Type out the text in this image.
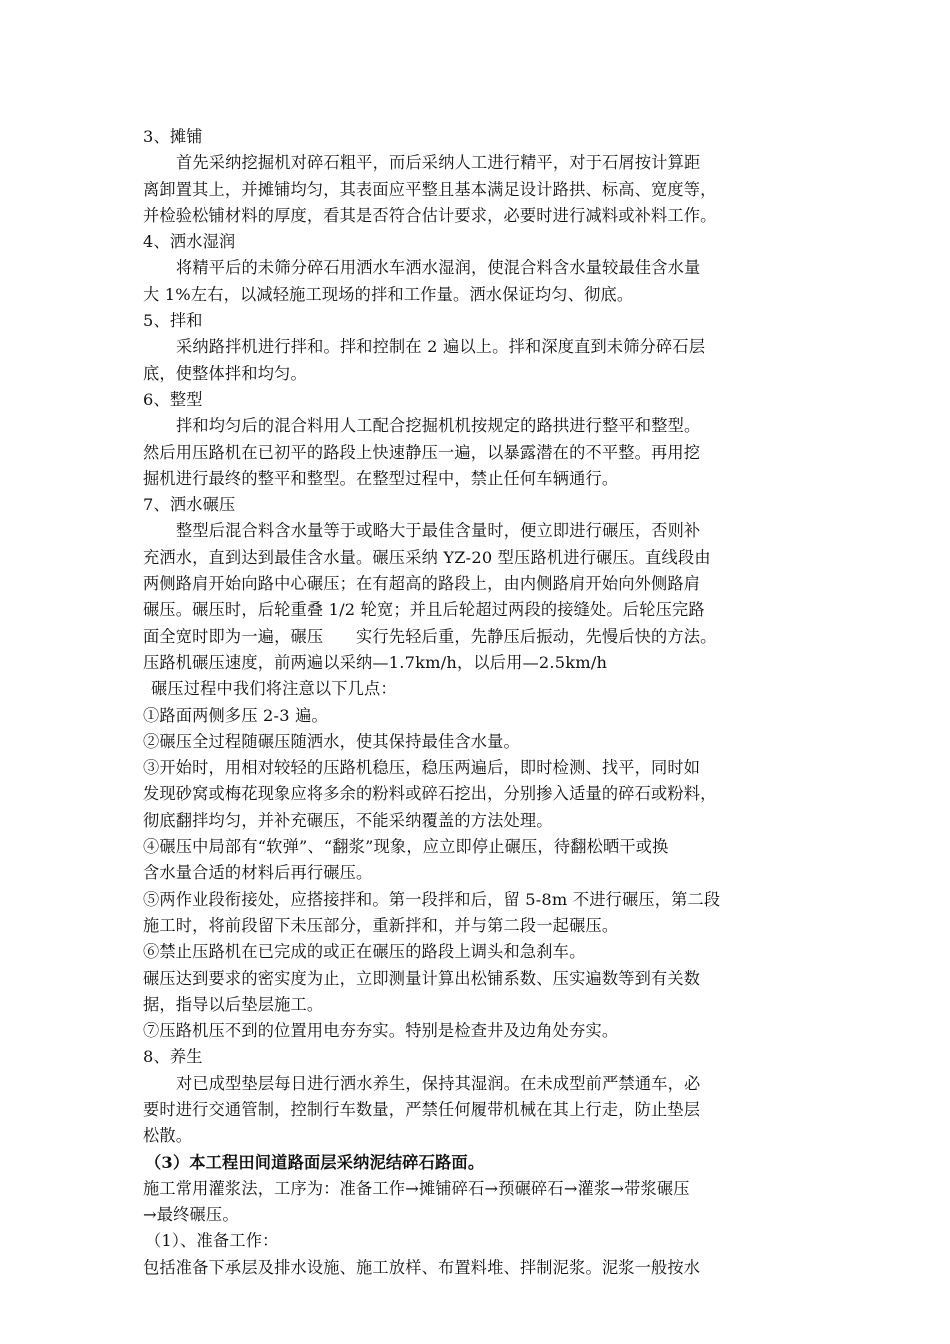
3、摊铺
首先采纳挖掘机对碎石粗平，而后采纳人工进行精平，对于石屑按计算距
离卸置其上，并摊铺均匀，其表面应平整且基本满足设计路拱、标高、宽度等，
并检验松铺材料的厚度，看其是否符合估计要求，必要时进行减料或补料工作。
4、洒水湿润
将精平后的未筛分碎石用洒水车洒水湿润，使混合料含水量较最佳含水量
大 1%左右，以减轻施工现场的拌和工作量。洒水保证均匀、彻底。
5、拌和
采纳路拌机进行拌和。拌和控制在 2 遍以上。拌和深度直到未筛分碎石层
底，使整体拌和均匀。
6、整型
拌和均匀后的混合料用人工配合挖掘机机按规定的路拱进行整平和整型。
然后用压路机在已初平的路段上快速静压一遍，以暴露潜在的不平整。再用挖
掘机进行最终的整平和整型。在整型过程中，禁止任何车辆通行。
7、洒水碾压
整型后混合料含水量等于或略大于最佳含量时，便立即进行碾压，否则补
充洒水，直到达到最佳含水量。碾压采纳 YZ-20 型压路机进行碾压。直线段由
两侧路肩开始向路中心碾压；在有超高的路段上，由内侧路肩开始向外侧路肩
碾压。碾压时，后轮重叠 1/2 轮宽；并且后轮超过两段的接缝处。后轮压完路
面全宽时即为一遍，碾压　　实行先轻后重，先静压后振动，先慢后快的方法。
压路机碾压速度，前两遍以采纳—1.7km/h，以后用—2.5km/h
碾压过程中我们将注意以下几点：
①路面两侧多压 2-3 遍。
②碾压全过程随碾压随洒水，使其保持最佳含水量。
③开始时，用相对较轻的压路机稳压，稳压两遍后，即时检测、找平，同时如
发现砂窝或梅花现象应将多余的粉料或碎石挖出，分别掺入适量的碎石或粉料，
彻底翻拌均匀，并补充碾压，不能采纳覆盖的方法处理。
④碾压中局部有“软弹”、“翻浆”现象，应立即停止碾压，待翻松晒干或换
含水量合适的材料后再行碾压。
⑤两作业段衔接处，应搭接拌和。第一段拌和后，留 5-8m 不进行碾压，第二段
施工时，将前段留下未压部分，重新拌和，并与第二段一起碾压。
⑥禁止压路机在已完成的或正在碾压的路段上调头和急刹车。
碾压达到要求的密实度为止，立即测量计算出松铺系数、压实遍数等到有关数
据，指导以后垫层施工。
⑦压路机压不到的位置用电夯夯实。特别是检查井及边角处夯实。
8、养生
对已成型垫层每日进行洒水养生，保持其湿润。在未成型前严禁通车，必
要时进行交通管制，控制行车数量，严禁任何履带机械在其上行走，防止垫层
松散。
（3）本工程田间道路面层采纳泥结碎石路面。
施工常用灌浆法，工序为：准备工作→摊铺碎石→预碾碎石→灌浆→带浆碾压
→最终碾压。
（1）、准备工作：
包括准备下承层及排水设施、施工放样、布置料堆、拌制泥浆。泥浆一般按水
